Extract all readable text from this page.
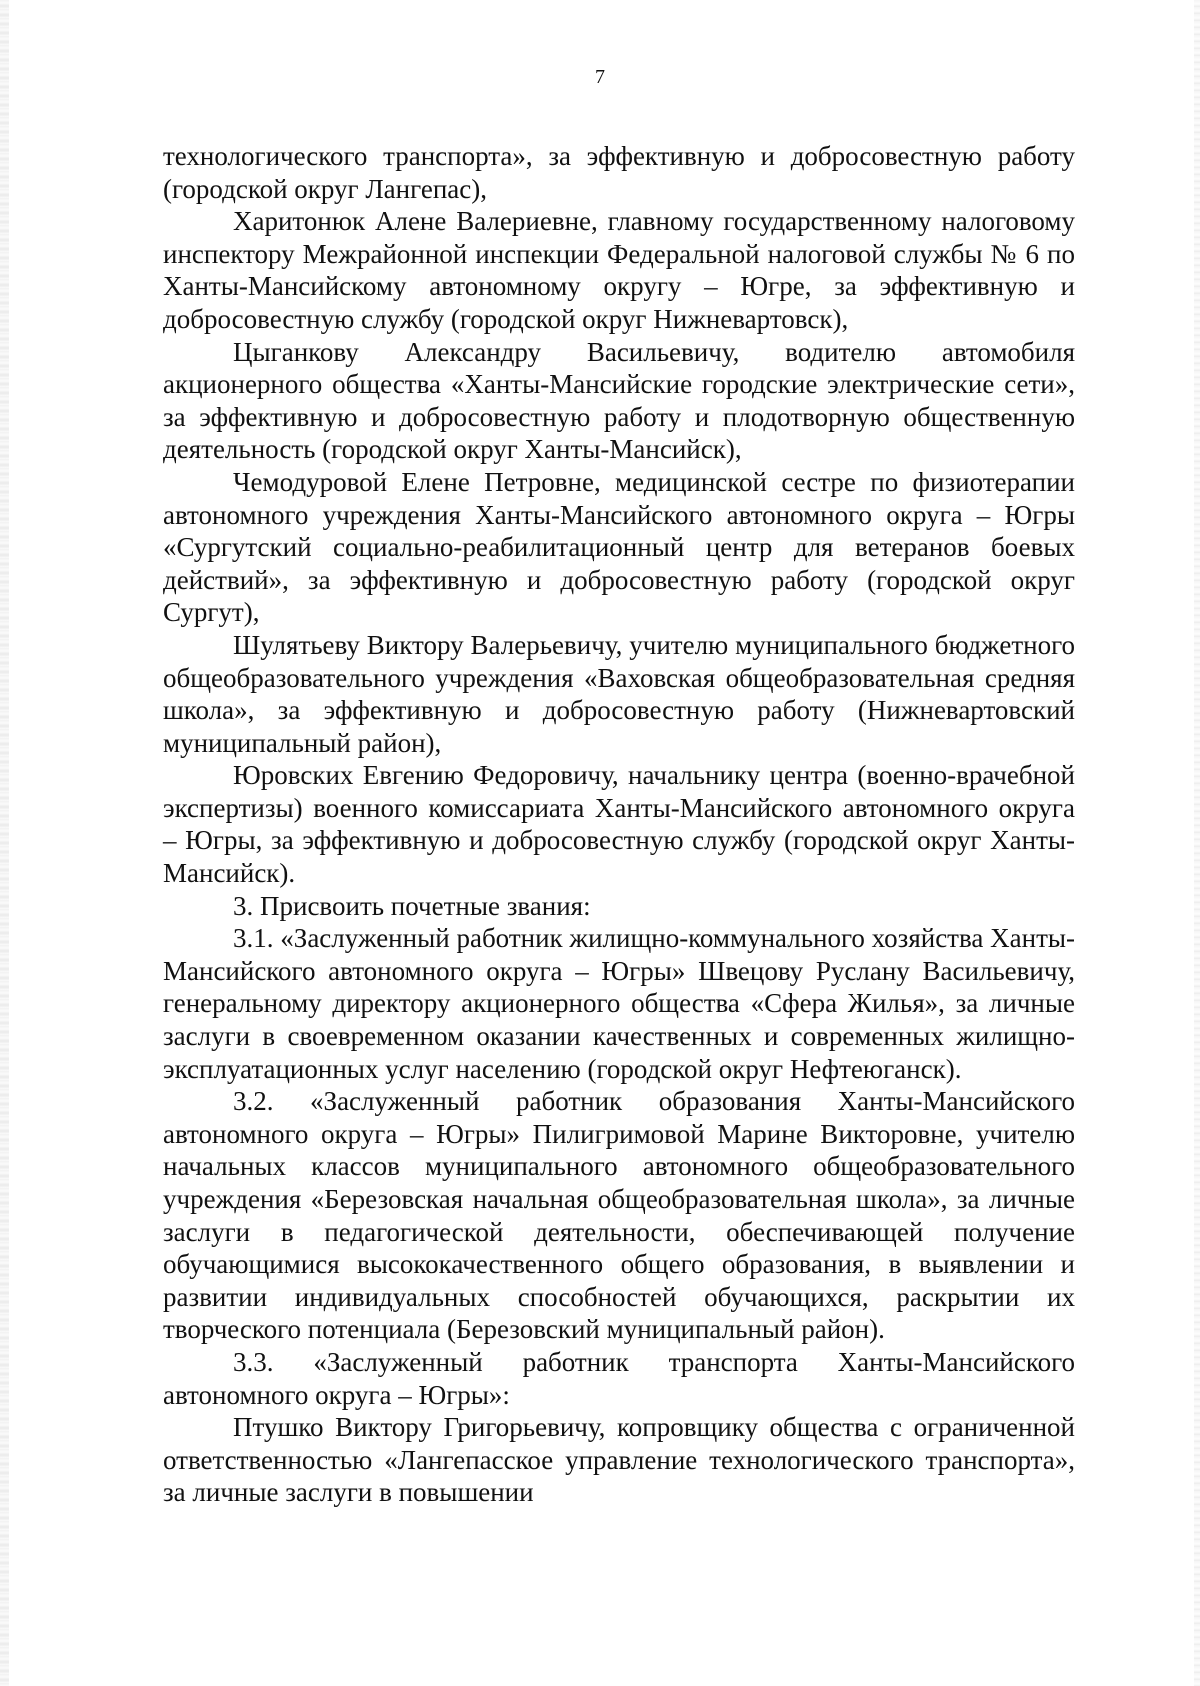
7

технологического транспорта», за эффективную и добросовестную работу (городской округ Лангепас),

Харитонюк Алене Валериевне, главному государственному налоговому инспектору Межрайонной инспекции Федеральной налоговой службы № 6 по Ханты-Мансийскому автономному округу – Югре, за эффективную и добросовестную службу (городской округ Нижневартовск),

Цыганкову Александру Васильевичу, водителю автомобиля акционерного общества «Ханты-Мансийские городские электрические сети», за эффективную и добросовестную работу и плодотворную общественную деятельность (городской округ Ханты-Мансийск),

Чемодуровой Елене Петровне, медицинской сестре по физиотерапии автономного учреждения Ханты-Мансийского автономного округа – Югры «Сургутский социально-реабилитационный центр для ветеранов боевых действий», за эффективную и добросовестную работу (городской округ Сургут),

Шулятьеву Виктору Валерьевичу, учителю муниципального бюджетного общеобразовательного учреждения «Ваховская общеобразовательная средняя школа», за эффективную и добросовестную работу (Нижневартовский муниципальный район),

Юровских Евгению Федоровичу, начальнику центра (военно-врачебной экспертизы) военного комиссариата Ханты-Мансийского автономного округа – Югры, за эффективную и добросовестную службу (городской округ Ханты-Мансийск).

3. Присвоить почетные звания:

3.1. «Заслуженный работник жилищно-коммунального хозяйства Ханты-Мансийского автономного округа – Югры» Швецову Руслану Васильевичу, генеральному директору акционерного общества «Сфера Жилья», за личные заслуги в своевременном оказании качественных и современных жилищно-эксплуатационных услуг населению (городской округ Нефтеюганск).

3.2. «Заслуженный работник образования Ханты-Мансийского автономного округа – Югры» Пилигримовой Марине Викторовне, учителю начальных классов муниципального автономного общеобразовательного учреждения «Березовская начальная общеобразовательная школа», за личные заслуги в педагогической деятельности, обеспечивающей получение обучающимися высококачественного общего образования, в выявлении и развитии индивидуальных способностей обучающихся, раскрытии их творческого потенциала (Березовский муниципальный район).

3.3. «Заслуженный работник транспорта Ханты-Мансийского автономного округа – Югры»:

Птушко Виктору Григорьевичу, копровщику общества с ограниченной ответственностью «Лангепасское управление технологического транспорта», за личные заслуги в повышении
